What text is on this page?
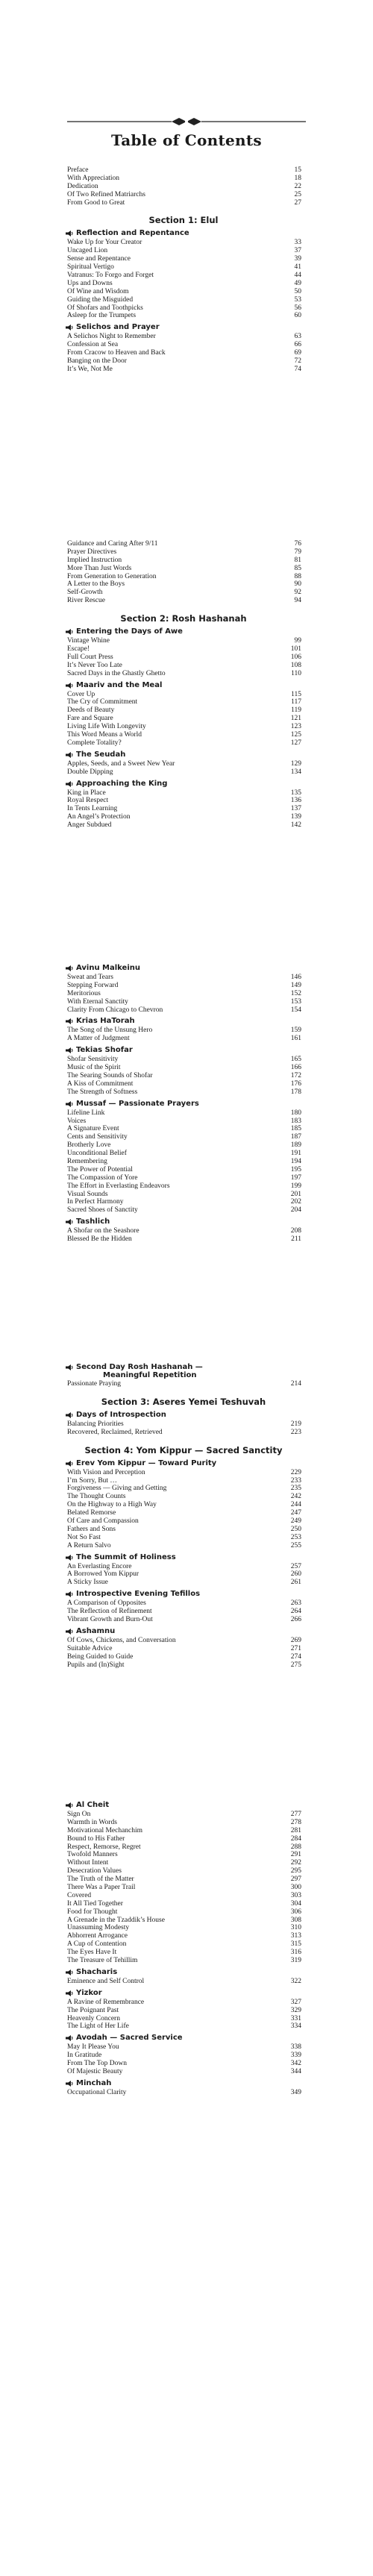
Table of Contents
Preface	15
With Appreciation	18
Dedication	22
Of Two Refined Matriarchs	25
From Good to Great	27
Section 1: Elul
Reflection and Repentance
Wake Up for Your Creator	33
Uncaged Lion	37
Sense and Repentance	39
Spiritual Vertigo	41
Vatranus: To Forgo and Forget	44
Ups and Downs	49
Of Wine and Wisdom	50
Guiding the Misguided	53
Of Shofars and Toothpicks	56
Asleep for the Trumpets	60
Selichos and Prayer
A Selichos Night to Remember	63
Confession at Sea	66
From Cracow to Heaven and Back	69
Banging on the Door	72
It’s We, Not Me	74
Guidance and Caring After 9/11	76
Prayer Directives	79
Implied Instruction	81
More Than Just Words	85
From Generation to Generation	88
A Letter to the Boys	90
Self-Growth	92
River Rescue	94
Section 2: Rosh Hashanah
Entering the Days of Awe
Vintage Whine	99
Escape!	101
Full Court Press	106
It’s Never Too Late	108
Sacred Days in the Ghastly Ghetto	110
Maariv and the Meal
Cover Up	115
The Cry of Commitment	117
Deeds of Beauty	119
Fare and Square	121
Living Life With Longevity	123
This Word Means a World	125
Complete Totality?	127
The Seudah
Apples, Seeds, and a Sweet New Year	129
Double Dipping	134
Approaching the King
King in Place	135
Royal Respect	136
In Tents Learning	137
An Angel’s Protection	139
Anger Subdued	142
Avinu Malkeinu
Sweat and Tears	146
Stepping Forward	149
Meritorious	152
With Eternal Sanctity	153
Clarity From Chicago to Chevron	154
Krias HaTorah
The Song of the Unsung Hero	159
A Matter of Judgment	161
Tekias Shofar
Shofar Sensitivity	165
Music of the Spirit	166
The Searing Sounds of Shofar	172
A Kiss of Commitment	176
The Strength of Softness	178
Mussaf — Passionate Prayers
Lifeline Link	180
Voices	183
A Signature Event	185
Cents and Sensitivity	187
Brotherly Love	189
Unconditional Belief	191
Remembering	194
The Power of Potential	195
The Compassion of Yore	197
The Effort in Everlasting Endeavors	199
Visual Sounds	201
In Perfect Harmony	202
Sacred Shoes of Sanctity	204
Tashlich
A Shofar on the Seashore	208
Blessed Be the Hidden	211
Second Day Rosh Hashanah —
Meaningful Repetition
Passionate Praying	214
Section 3: Aseres Yemei Teshuvah
Days of Introspection
Balancing Priorities	219
Recovered, Reclaimed, Retrieved	223
Section 4: Yom Kippur — Sacred Sanctity
Erev Yom Kippur — Toward Purity
With Vision and Perception	229
I’m Sorry, But …	233
Forgiveness — Giving and Getting	235
The Thought Counts	242
On the Highway to a High Way	244
Belated Remorse	247
Of Care and Compassion	249
Fathers and Sons	250
Not So Fast	253
A Return Salvo	255
The Summit of Holiness
An Everlasting Encore	257
A Borrowed Yom Kippur	260
A Sticky Issue	261
Introspective Evening Tefillos
A Comparison of Opposites	263
The Reflection of Refinement	264
Vibrant Growth and Burn-Out	266
Ashamnu
Of Cows, Chickens, and Conversation	269
Suitable Advice	271
Being Guided to Guide	274
Pupils and (In)Sight	275
Al Cheit
Sign On	277
Warmth in Words	278
Motivational Mechanchim	281
Bound to His Father	284
Respect, Remorse, Regret	288
Twofold Manners	291
Without Intent	292
Desecration Values	295
The Truth of the Matter	297
There Was a Paper Trail	300
Covered	303
It All Tied Together	304
Food for Thought	306
A Grenade in the Tzaddik’s House	308
Unassuming Modesty	310
Abhorrent Arrogance	313
A Cup of Contention	315
The Eyes Have It	316
The Treasure of Tehillim	319
Shacharis
Eminence and Self Control	322
Yizkor
A Ravine of Remembrance	327
The Poignant Past	329
Heavenly Concern	331
The Light of Her Life	334
Avodah — Sacred Service
May It Please You	338
In Gratitude	339
From The Top Down	342
Of Majestic Beauty	344
Minchah
Occupational Clarity	349
